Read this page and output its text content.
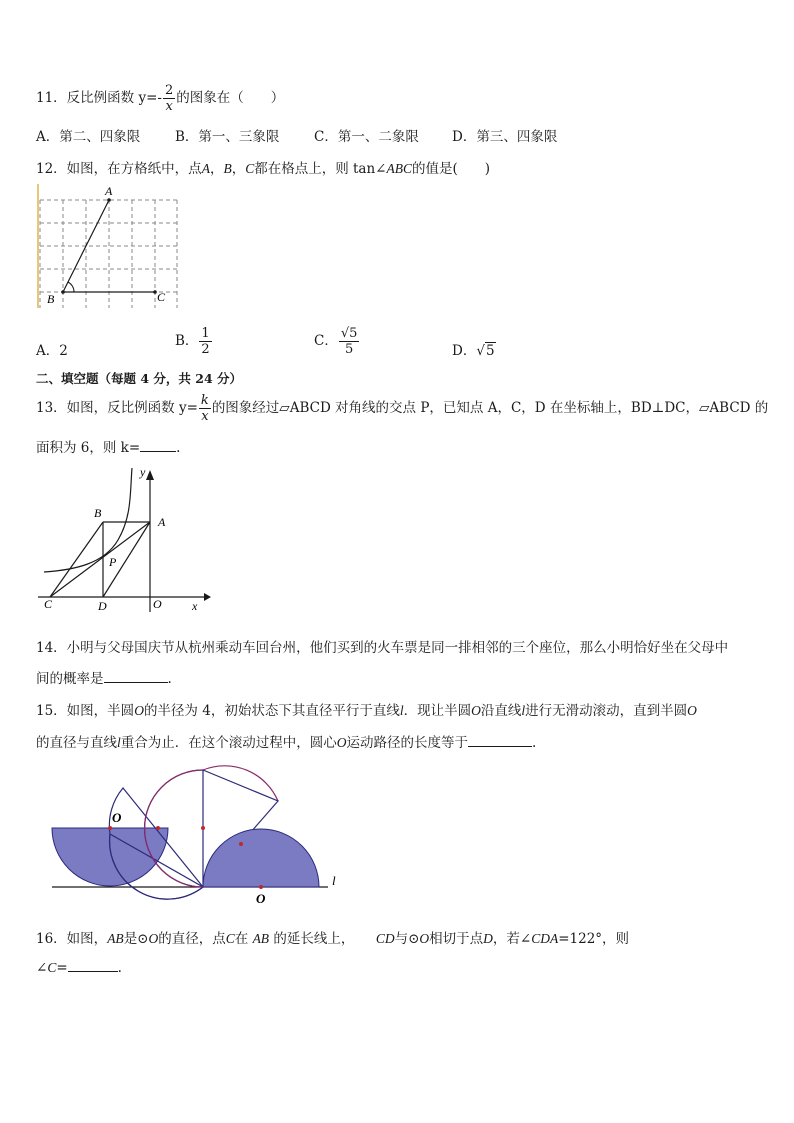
11．反比例函数 $y=- \frac{2}{x}$ 的图象在（　　）
A．第二、四象限	B．第一、三象限	C．第一、二象限 D．第三、四象限
12．如图，在方格纸中，点A，B，C都在格点上，则 tan∠ABC的值是(　　)
A
B	C
A．2
B． $\frac{1}{2}$	C． $\frac{√5}{5}$	D．√5
二、填空题（每题 4 分，共 24 分）
13．如图，反比例函数 $y= \frac{k}{x}$ 的图象经过▱ABCD 对角线的交点 P，已知点 A，C，D 在坐标轴上，BD⊥DC，▱ABCD 的
面积为 6，则 k=	.
y
x
B
A
P
C	D	O
14．小明与父母国庆节从杭州乘动车回台州，他们买到的火车票是同一排相邻的三个座位，那么小明恰好坐在父母中
间的概率是	.
15．如图，半圆O的半径为 4，初始状态下其直径平行于直线l．现让半圆O沿直线l进行无滑动滚动，直到半圆O
的直径与直线l重合为止．在这个滚动过程中，圆心O运动路径的长度等于	.
O
O
l
16．如图，AB是⊙O的直径，点C在 AB 的延长线上， CD与⊙O相切于点D，若∠CDA=122°，则
∠C=	.
